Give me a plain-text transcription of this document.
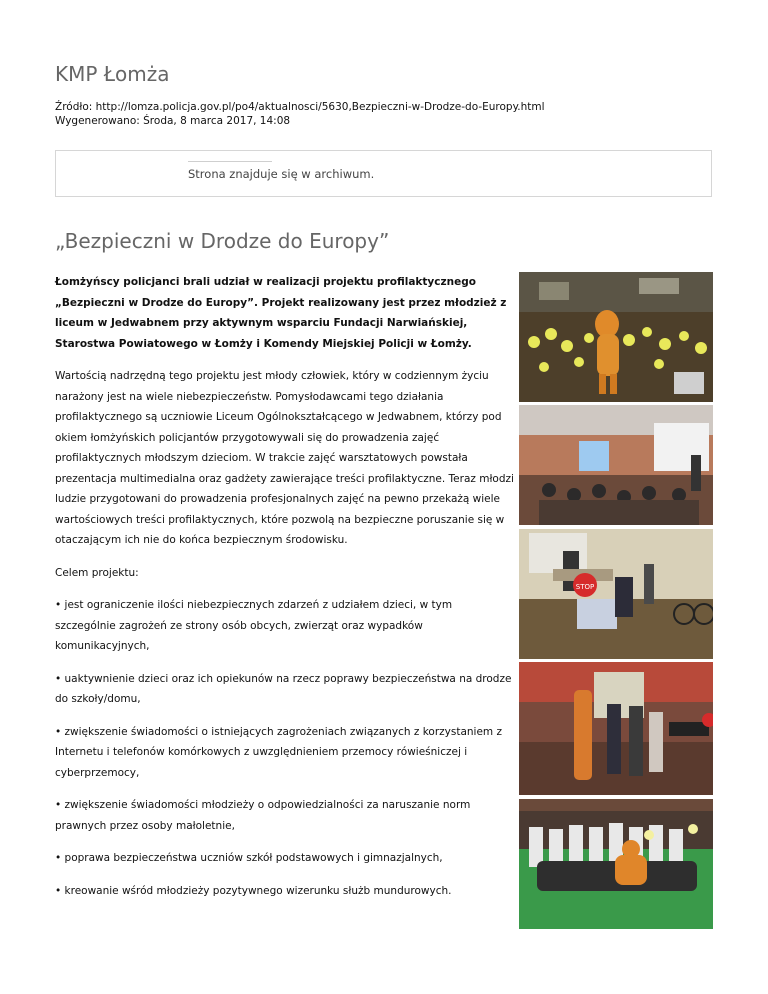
KMP Łomża
Źródło: http://lomza.policja.gov.pl/po4/aktualnosci/5630,Bezpieczni-w-Drodze-do-Europy.html
Wygenerowano: Środa, 8 marca 2017, 14:08
Strona znajduje się w archiwum.
„Bezpieczni w Drodze do Europy”

Łomżyńscy policjanci brali udział w realizacji projektu profilaktycznego „Bezpieczni w Drodze do Europy”. Projekt realizowany jest przez młodzież z liceum w Jedwabnem przy aktywnym wsparciu Fundacji Narwiańskiej, Starostwa Powiatowego w Łomży i Komendy Miejskiej Policji w Łomży.

Wartością nadrzędną tego projektu jest młody człowiek, który w codziennym życiu narażony jest na wiele niebezpieczeństw. Pomysłodawcami tego działania profilaktycznego są uczniowie Liceum Ogólnokształcącego w Jedwabnem, którzy pod okiem łomżyńskich policjantów przygotowywali się do prowadzenia zajęć profilaktycznych młodszym dzieciom. W trakcie zajęć warsztatowych powstała prezentacja multimedialna oraz gadżety zawierające treści profilaktyczne. Teraz młodzi ludzie przygotowani do prowadzenia profesjonalnych zajęć na pewno przekażą wiele wartościowych treści profilaktycznych, które pozwolą na bezpieczne poruszanie się w otaczającym ich nie do końca bezpiecznym środowisku.

Celem projektu:

• jest ograniczenie ilości niebezpiecznych zdarzeń z udziałem dzieci, w tym szczególnie zagrożeń ze strony osób obcych, zwierząt oraz wypadków komunikacyjnych,

• uaktywnienie dzieci oraz ich opiekunów na rzecz poprawy bezpieczeństwa na drodze do szkoły/domu,

• zwiększenie świadomości o istniejących zagrożeniach związanych z korzystaniem z Internetu i telefonów komórkowych z uwzględnieniem przemocy rówieśniczej i cyberprzemocy,

• zwiększenie świadomości młodzieży o odpowiedzialności za naruszanie norm prawnych przez osoby małoletnie,

• poprawa bezpieczeństwa uczniów szkół podstawowych i gimnazjalnych,

• kreowanie wśród młodzieży pozytywnego wizerunku służb mundurowych.

STOP
